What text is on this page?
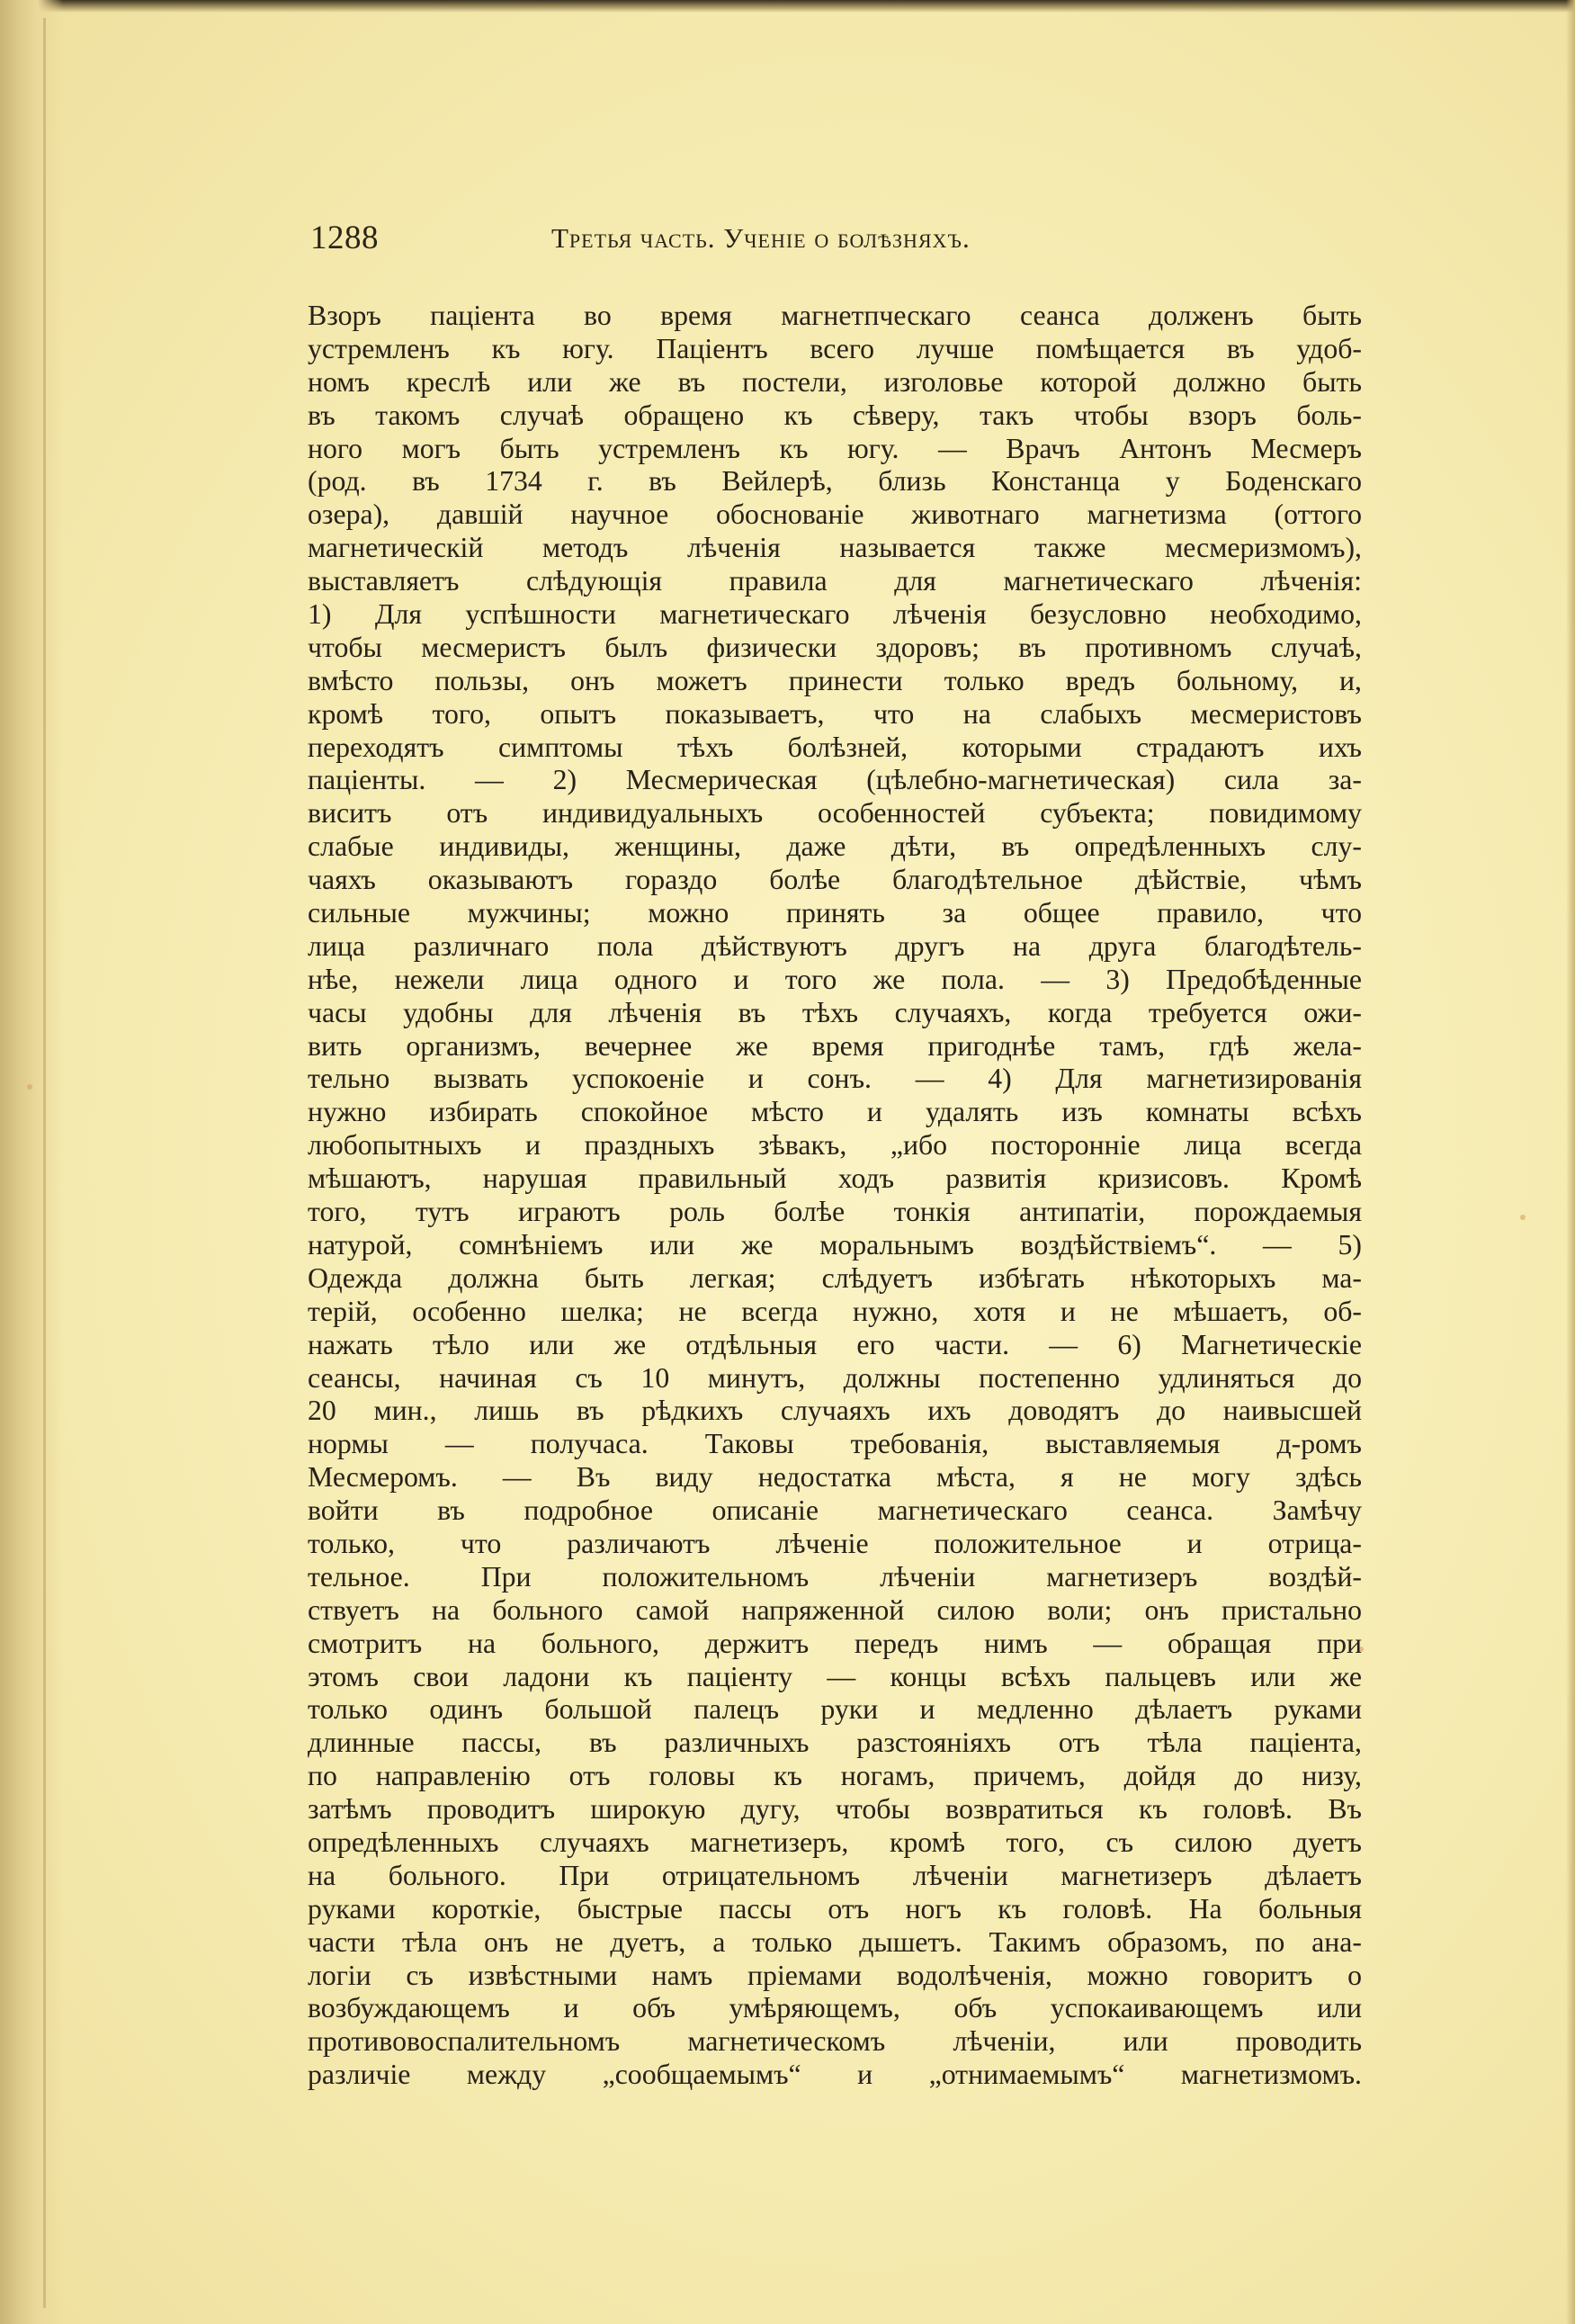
1288	Третья часть. Ученiе о болѣзняхъ.
Взоръ паціента во время магнетпческаго сеанса долженъ быть
устремленъ къ югу. Паціентъ всего лучше помѣщается въ удоб-
номъ креслѣ или же въ постели, изголовье которой должно быть
въ такомъ случаѣ обращено къ сѣверу, такъ чтобы взоръ боль-
ного могъ быть устремленъ къ югу. — Врачъ Антонъ Месмеръ
(род. въ 1734 г. въ Вейлерѣ, близь Констанца у Боденскаго
озера), давшій научное обоснованіе животнаго магнетизма (оттого
магнетическій методъ лѣченія называется также месмеризмомъ),
выставляетъ слѣдующія правила для магнетическаго лѣченія:
1) Для успѣшности магнетическаго лѣченія безусловно необходимо,
чтобы месмеристъ былъ физически здоровъ; въ противномъ случаѣ,
вмѣсто пользы, онъ можетъ принести только вредъ больному, и,
кромѣ того, опытъ показываетъ, что на слабыхъ месмеристовъ
переходятъ симптомы тѣхъ болѣзней, которыми страдаютъ ихъ
паціенты. — 2) Месмерическая (цѣлебно-магнетическая) сила за-
виситъ отъ индивидуальныхъ особенностей субъекта; повидимому
слабые индивиды, женщины, даже дѣти, въ опредѣленныхъ слу-
чаяхъ оказываютъ гораздо болѣе благодѣтельное дѣйствіе, чѣмъ
сильные мужчины; можно принять за общее правило, что
лица различнаго пола дѣйствуютъ другъ на друга благодѣтель-
нѣе, нежели лица одного и того же пола. — 3) Предобѣденные
часы удобны для лѣченія въ тѣхъ случаяхъ, когда требуется ожи-
вить организмъ, вечернее же время пригоднѣе тамъ, гдѣ жела-
тельно вызвать успокоеніе и сонъ. — 4) Для магнетизированія
нужно избирать спокойное мѣсто и удалять изъ комнаты всѣхъ
любопытныхъ и праздныхъ зѣвакъ, „ибо посторонніе лица всегда
мѣшаютъ, нарушая правильный ходъ развитія кризисовъ. Кромѣ
того, тутъ играютъ роль болѣе тонкія антипатіи, порождаемыя
натурой, сомнѣніемъ или же моральнымъ воздѣйствіемъ“. — 5)
Одежда должна быть легкая; слѣдуетъ избѣгать нѣкоторыхъ ма-
терій, особенно шелка; не всегда нужно, хотя и не мѣшаетъ, об-
нажать тѣло или же отдѣльныя его части. — 6) Магнетическіе
сеансы, начиная съ 10 минутъ, должны постепенно удлиняться до
20 мин., лишь въ рѣдкихъ случаяхъ ихъ доводятъ до наивысшей
нормы — получаса. Таковы требованія, выставляемыя д-ромъ
Месмеромъ. — Въ виду недостатка мѣста, я не могу здѣсь
войти въ подробное описаніе магнетическаго сеанса. Замѣчу
только, что различаютъ лѣченіе положительное и отрица-
тельное. При положительномъ лѣченіи магнетизеръ воздѣй-
ствуетъ на больного самой напряженной силою воли; онъ пристально
смотритъ на больного, держитъ передъ нимъ — обращая при
этомъ свои ладони къ паціенту — концы всѣхъ пальцевъ или же
только одинъ большой палецъ руки и медленно дѣлаетъ руками
длинные пассы, въ различныхъ разстояніяхъ отъ тѣла паціента,
по направленію отъ головы къ ногамъ, причемъ, дойдя до низу,
затѣмъ проводитъ широкую дугу, чтобы возвратиться къ головѣ. Въ
опредѣленныхъ случаяхъ магнетизеръ, кромѣ того, съ силою дуетъ
на больного. При отрицательномъ лѣченіи магнетизеръ дѣлаетъ
руками короткіе, быстрые пассы отъ ногъ къ головѣ. На больныя
части тѣла онъ не дуетъ, а только дышетъ. Такимъ образомъ, по ана-
логіи съ извѣстными намъ пріемами водолѣченія, можно говоритъ о
возбуждающемъ и объ умѣряющемъ, объ успокаивающемъ или
противовоспалительномъ магнетическомъ лѣченіи, или проводить
различіе между „сообщаемымъ“ и „отнимаемымъ“ магнетизмомъ.
